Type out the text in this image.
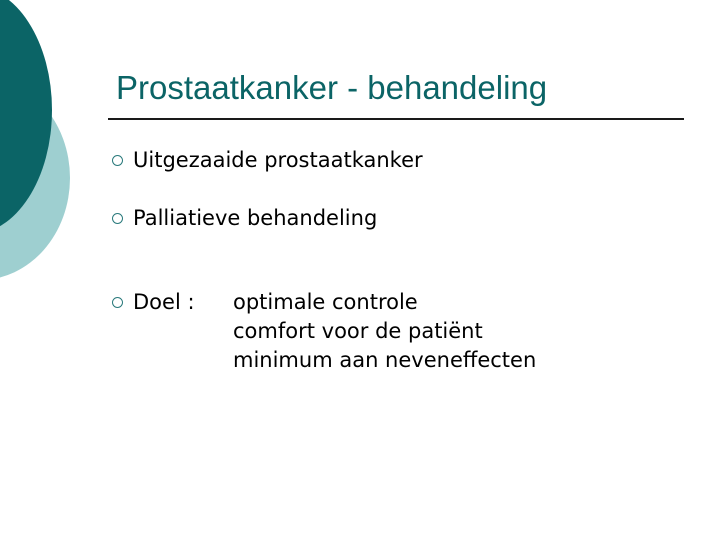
Prostaatkanker - behandeling
Uitgezaaide prostaatkanker
Palliatieve behandeling
Doel : optimale controle
comfort voor de patiënt
minimum aan neveneffecten
